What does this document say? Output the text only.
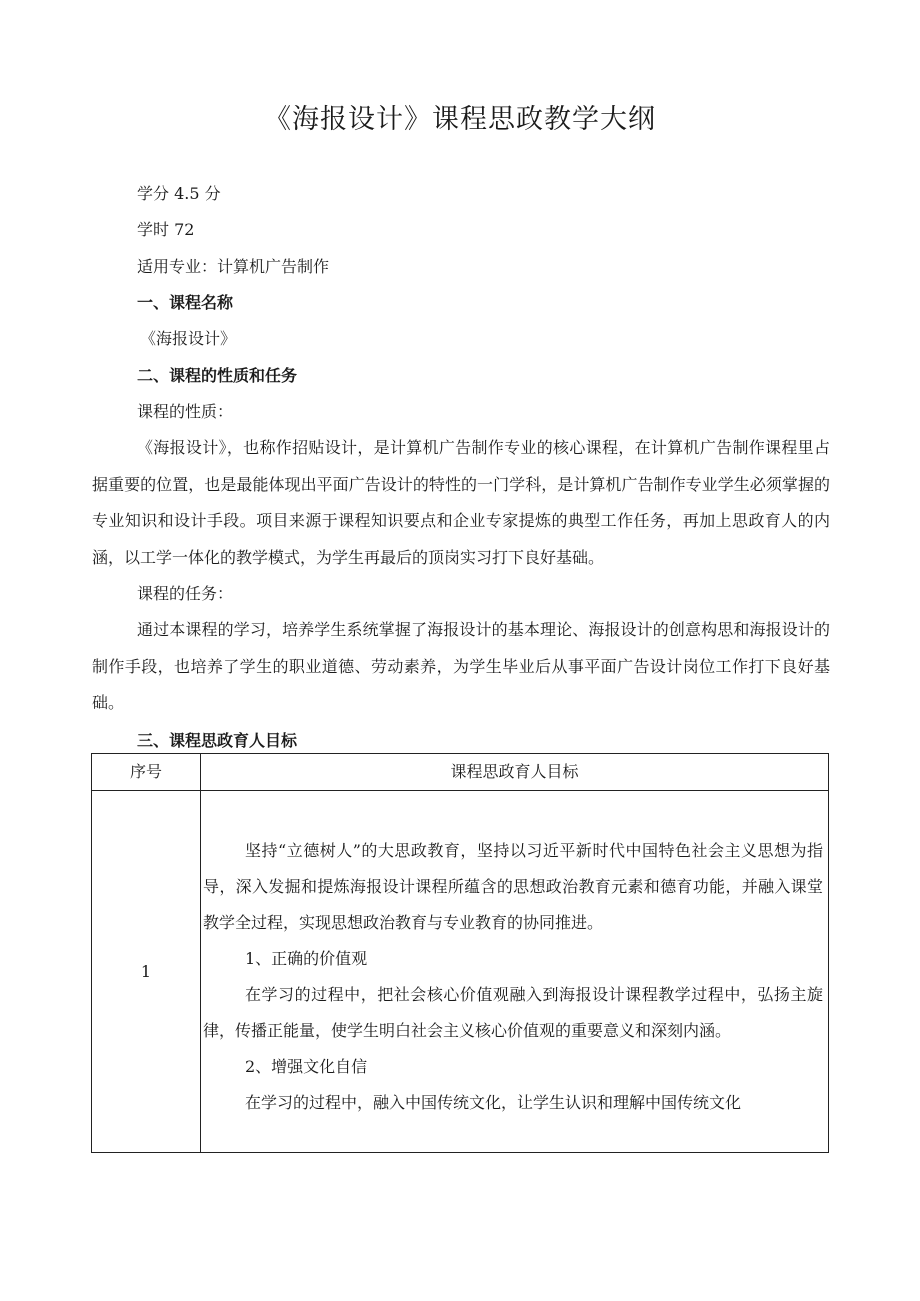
《海报设计》课程思政教学大纲
学分 4.5 分
学时 72
适用专业：计算机广告制作
一、课程名称
《海报设计》
二、课程的性质和任务
课程的性质：

《海报设计》，也称作招贴设计，是计算机广告制作专业的核心课程，在计算机广告制作课程里占据重要的位置，也是最能体现出平面广告设计的特性的一门学科，是计算机广告制作专业学生必须掌握的专业知识和设计手段。项目来源于课程知识要点和企业专家提炼的典型工作任务，再加上思政育人的内涵，以工学一体化的教学模式，为学生再最后的顶岗实习打下良好基础。

课程的任务：

通过本课程的学习，培养学生系统掌握了海报设计的基本理论、海报设计的创意构思和海报设计的制作手段，也培养了学生的职业道德、劳动素养，为学生毕业后从事平面广告设计岗位工作打下良好基础。

三、课程思政育人目标
序号	课程思政育人目标
1

坚持“立德树人”的大思政教育，坚持以习近平新时代中国特色社会主义思想为指导，深入发掘和提炼海报设计课程所蕴含的思想政治教育元素和德育功能，并融入课堂教学全过程，实现思想政治教育与专业教育的协同推进。

1、正确的价值观

在学习的过程中，把社会核心价值观融入到海报设计课程教学过程中，弘扬主旋律，传播正能量，使学生明白社会主义核心价值观的重要意义和深刻内涵。

2、增强文化自信

在学习的过程中，融入中国传统文化，让学生认识和理解中国传统文化
